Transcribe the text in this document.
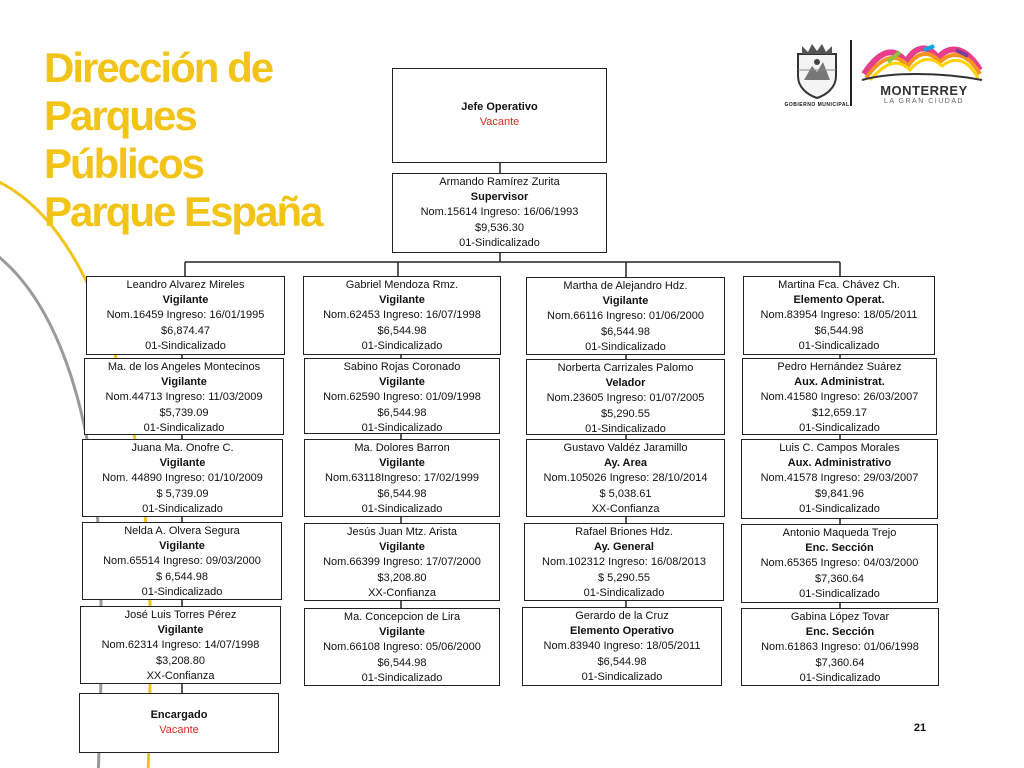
Dirección de
Parques
Públicos
Parque España
GOBIERNO MUNICIPAL
MONTERREY
LA GRAN CIUDAD
Jefe Operativo
Vacante
Armando Ramírez Zurita
Supervisor
Nom.15614 Ingreso: 16/06/1993
$9,536.30
01-Sindicalizado
Leandro Alvarez Mireles
Vigilante
Nom.16459 Ingreso: 16/01/1995
$6,874.47
01-Sindicalizado
Ma. de los Angeles Montecinos
Vigilante
Nom.44713 Ingreso: 11/03/2009
$5,739.09
01-Sindicalizado
Juana Ma. Onofre C.
Vigilante
Nom. 44890 Ingreso: 01/10/2009
$ 5,739.09
01-Sindicalizado
Nelda A. Olvera Segura
Vigilante
Nom.65514 Ingreso: 09/03/2000
$ 6,544.98
01-Sindicalizado
José Luis Torres Pérez
Vigilante
Nom.62314 Ingreso: 14/07/1998
$3,208.80
XX-Confianza
Encargado
Vacante
Gabriel Mendoza Rmz.
Vigilante
Nom.62453 Ingreso: 16/07/1998
$6,544.98
01-Sindicalizado
Sabino Rojas Coronado
Vigilante
Nom.62590 Ingreso: 01/09/1998
$6,544.98
01-Sindicalizado
Ma. Dolores Barron
Vigilante
Nom.63118Ingreso: 17/02/1999
$6,544.98
01-Sindicalizado
Jesús Juan Mtz. Arista
Vigilante
Nom.66399 Ingreso: 17/07/2000
$3,208.80
XX-Confianza
Ma. Concepcion de Lira
Vigilante
Nom.66108 Ingreso: 05/06/2000
$6,544.98
01-Sindicalizado
Martha de Alejandro Hdz.
Vigilante
Nom.66116 Ingreso: 01/06/2000
$6,544.98
01-Sindicalizado
Norberta Carrizales Palomo
Velador
Nom.23605 Ingreso: 01/07/2005
$5,290.55
01-Sindicalizado
Gustavo Valdéz Jaramillo
Ay. Area
Nom.105026 Ingreso: 28/10/2014
$ 5,038.61
XX-Confianza
Rafael Briones Hdz.
Ay. General
Nom.102312 Ingreso: 16/08/2013
$ 5,290.55
01-Sindicalizado
Gerardo de la Cruz
Elemento Operativo
Nom.83940 Ingreso: 18/05/2011
$6,544.98
01-Sindicalizado
Martina Fca. Chávez Ch.
Elemento Operat.
Nom.83954 Ingreso: 18/05/2011
$6,544.98
01-Sindicalizado
Pedro Hernández Suárez
Aux. Administrat.
Nom.41580 Ingreso: 26/03/2007
$12,659.17
01-Sindicalizado
Luis C. Campos Morales
Aux. Administrativo
Nom.41578 Ingreso: 29/03/2007
$9,841.96
01-Sindicalizado
Antonio Maqueda Trejo
Enc. Sección
Nom.65365 Ingreso: 04/03/2000
$7,360.64
01-Sindicalizado
Gabina López Tovar
Enc. Sección
Nom.61863 Ingreso: 01/06/1998
$7,360.64
01-Sindicalizado
21
